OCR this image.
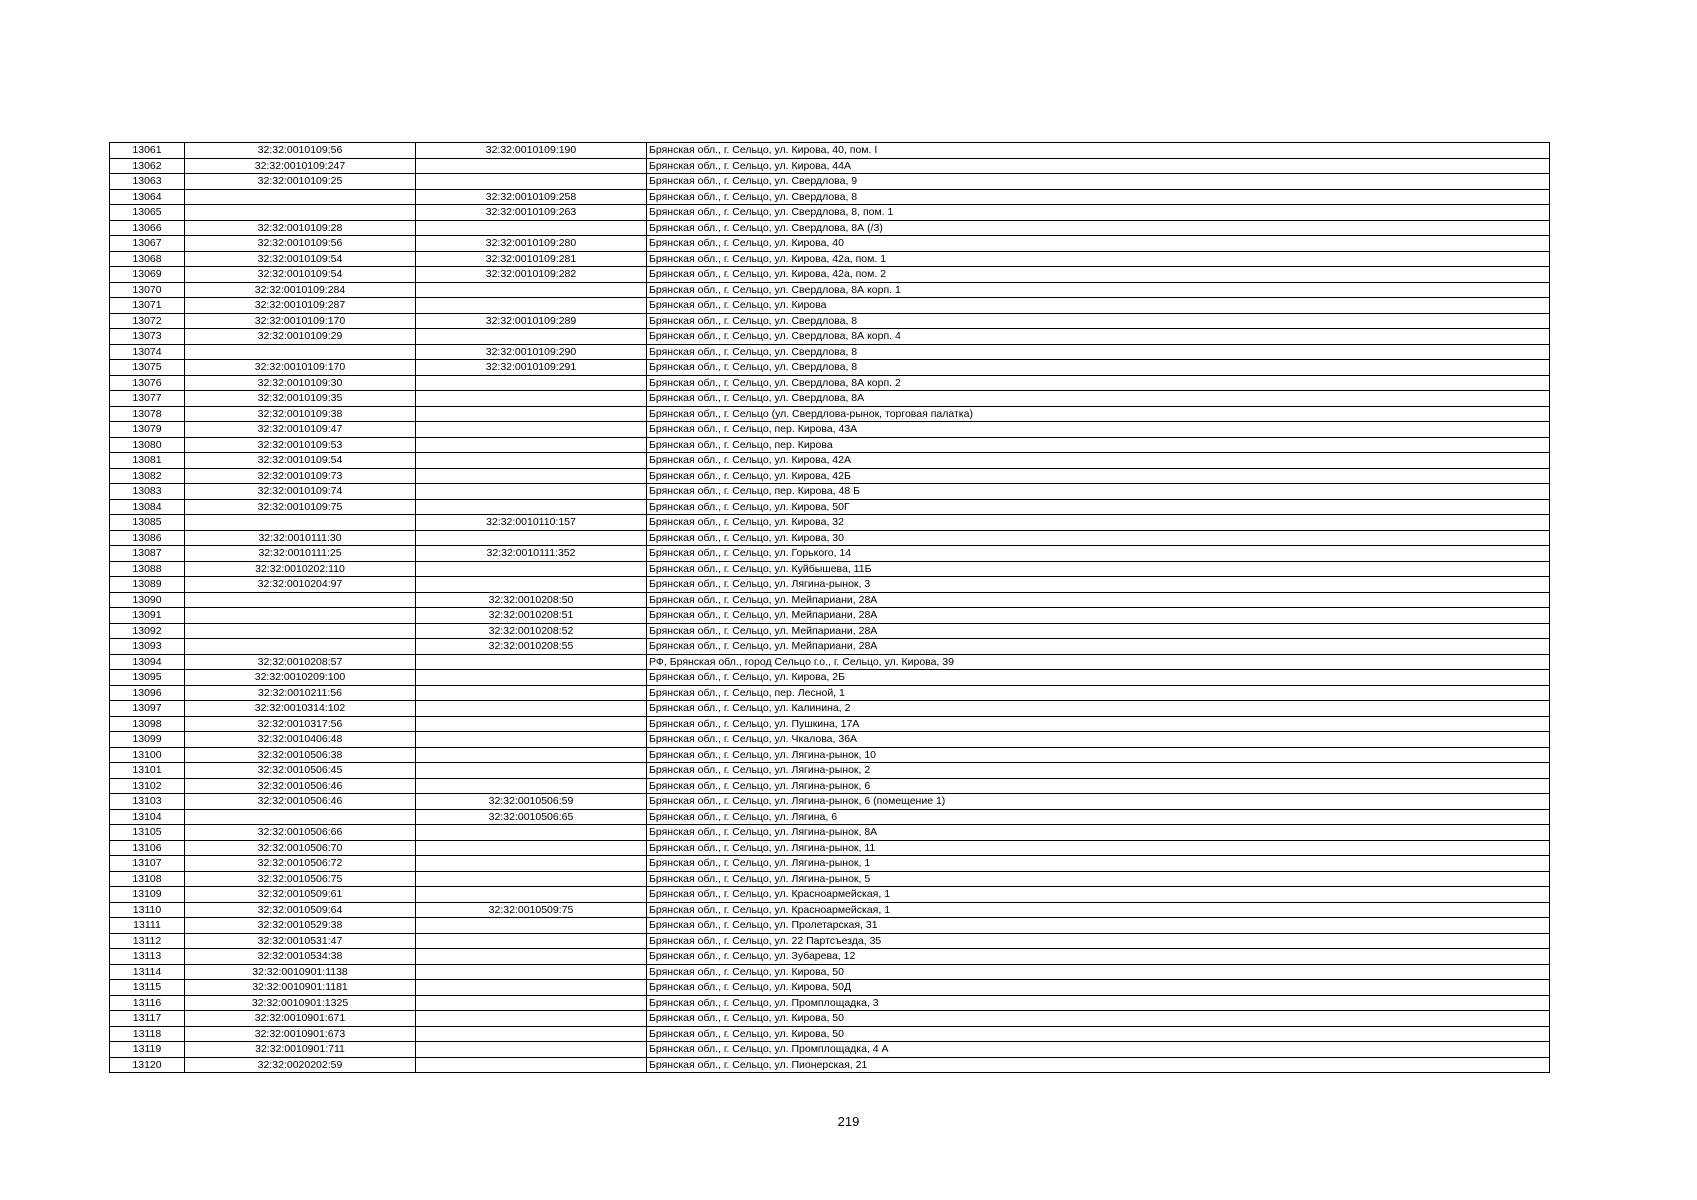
13061	32:32:0010109:56	32:32:0010109:190	Брянская обл., г. Сельцо, ул. Кирова, 40, пом. I
13062	32:32:0010109:247		Брянская обл., г. Сельцо, ул. Кирова, 44А
13063	32:32:0010109:25		Брянская обл., г. Сельцо, ул. Свердлова, 9
13064		32:32:0010109:258	Брянская обл., г. Сельцо, ул. Свердлова, 8
13065		32:32:0010109:263	Брянская обл., г. Сельцо, ул. Свердлова, 8, пом. 1
13066	32:32:0010109:28		Брянская обл., г. Сельцо, ул. Свердлова, 8А (/3)
13067	32:32:0010109:56	32:32:0010109:280	Брянская обл., г. Сельцо, ул. Кирова, 40
13068	32:32:0010109:54	32:32:0010109:281	Брянская обл., г. Сельцо, ул. Кирова, 42а, пом. 1
13069	32:32:0010109:54	32:32:0010109:282	Брянская обл., г. Сельцо, ул. Кирова, 42а, пом. 2
13070	32:32:0010109:284		Брянская обл., г. Сельцо, ул. Свердлова, 8А корп. 1
13071	32:32:0010109:287		Брянская обл., г. Сельцо, ул. Кирова
13072	32:32:0010109:170	32:32:0010109:289	Брянская обл., г. Сельцо, ул. Свердлова, 8
13073	32:32:0010109:29		Брянская обл., г. Сельцо, ул. Свердлова, 8А корп. 4
13074		32:32:0010109:290	Брянская обл., г. Сельцо, ул. Свердлова, 8
13075	32:32:0010109:170	32:32:0010109:291	Брянская обл., г. Сельцо, ул. Свердлова, 8
13076	32:32:0010109:30		Брянская обл., г. Сельцо, ул. Свердлова, 8А корп. 2
13077	32:32:0010109:35		Брянская обл., г. Сельцо, ул. Свердлова, 8А
13078	32:32:0010109:38		Брянская обл., г. Сельцо (ул. Свердлова-рынок, торговая палатка)
13079	32:32:0010109:47		Брянская обл., г. Сельцо, пер. Кирова, 43А
13080	32:32:0010109:53		Брянская обл., г. Сельцо, пер. Кирова
13081	32:32:0010109:54		Брянская обл., г. Сельцо, ул. Кирова, 42А
13082	32:32:0010109:73		Брянская обл., г. Сельцо, ул. Кирова, 42Б
13083	32:32:0010109:74		Брянская обл., г. Сельцо, пер. Кирова, 48 Б
13084	32:32:0010109:75		Брянская обл., г. Сельцо, ул. Кирова, 50Г
13085		32:32:0010110:157	Брянская обл., г. Сельцо, ул. Кирова, 32
13086	32:32:0010111:30		Брянская обл., г. Сельцо, ул. Кирова, 30
13087	32:32:0010111:25	32:32:0010111:352	Брянская обл., г. Сельцо, ул. Горького, 14
13088	32:32:0010202:110		Брянская обл., г. Сельцо, ул. Куйбышева, 11Б
13089	32:32:0010204:97		Брянская обл., г. Сельцо, ул. Лягина-рынок, 3
13090		32:32:0010208:50	Брянская обл., г. Сельцо, ул. Мейпариани, 28А
13091		32:32:0010208:51	Брянская обл., г. Сельцо, ул. Мейпариани, 28А
13092		32:32:0010208:52	Брянская обл., г. Сельцо, ул. Мейпариани, 28А
13093		32:32:0010208:55	Брянская обл., г. Сельцо, ул. Мейпариани, 28А
13094	32:32:0010208:57		РФ, Брянская обл., город Сельцо г.о., г. Сельцо, ул. Кирова, 39
13095	32:32:0010209:100		Брянская обл., г. Сельцо, ул. Кирова, 2Б
13096	32:32:0010211:56		Брянская обл., г. Сельцо, пер. Лесной, 1
13097	32:32:0010314:102		Брянская обл., г. Сельцо, ул. Калинина, 2
13098	32:32:0010317:56		Брянская обл., г. Сельцо, ул. Пушкина, 17А
13099	32:32:0010406:48		Брянская обл., г. Сельцо, ул. Чкалова, 36А
13100	32:32:0010506:38		Брянская обл., г. Сельцо, ул. Лягина-рынок, 10
13101	32:32:0010506:45		Брянская обл., г. Сельцо, ул. Лягина-рынок, 2
13102	32:32:0010506:46		Брянская обл., г. Сельцо, ул. Лягина-рынок, 6
13103	32:32:0010506:46	32:32:0010506:59	Брянская обл., г. Сельцо, ул. Лягина-рынок, 6 (помещение 1)
13104		32:32:0010506:65	Брянская обл., г. Сельцо, ул. Лягина, 6
13105	32:32:0010506:66		Брянская обл., г. Сельцо, ул. Лягина-рынок, 8А
13106	32:32:0010506:70		Брянская обл., г. Сельцо, ул. Лягина-рынок, 11
13107	32:32:0010506:72		Брянская обл., г. Сельцо, ул. Лягина-рынок, 1
13108	32:32:0010506:75		Брянская обл., г. Сельцо, ул. Лягина-рынок, 5
13109	32:32:0010509:61		Брянская обл., г. Сельцо, ул. Красноармейская, 1
13110	32:32:0010509:64	32:32:0010509:75	Брянская обл., г. Сельцо, ул. Красноармейская, 1
13111	32:32:0010529:38		Брянская обл., г. Сельцо, ул. Пролетарская, 31
13112	32:32:0010531:47		Брянская обл., г. Сельцо, ул. 22 Партсъезда, 35
13113	32:32:0010534:38		Брянская обл., г. Сельцо, ул. Зубарева, 12
13114	32:32:0010901:1138		Брянская обл., г. Сельцо, ул. Кирова, 50
13115	32:32:0010901:1181		Брянская обл., г. Сельцо, ул. Кирова, 50Д
13116	32:32:0010901:1325		Брянская обл., г. Сельцо, ул. Промплощадка, 3
13117	32:32:0010901:671		Брянская обл., г. Сельцо, ул. Кирова, 50
13118	32:32:0010901:673		Брянская обл., г. Сельцо, ул. Кирова, 50
13119	32:32:0010901:711		Брянская обл., г. Сельцо, ул. Промплощадка, 4 А
13120	32:32:0020202:59		Брянская обл., г. Сельцо, ул. Пионерская, 21
219
